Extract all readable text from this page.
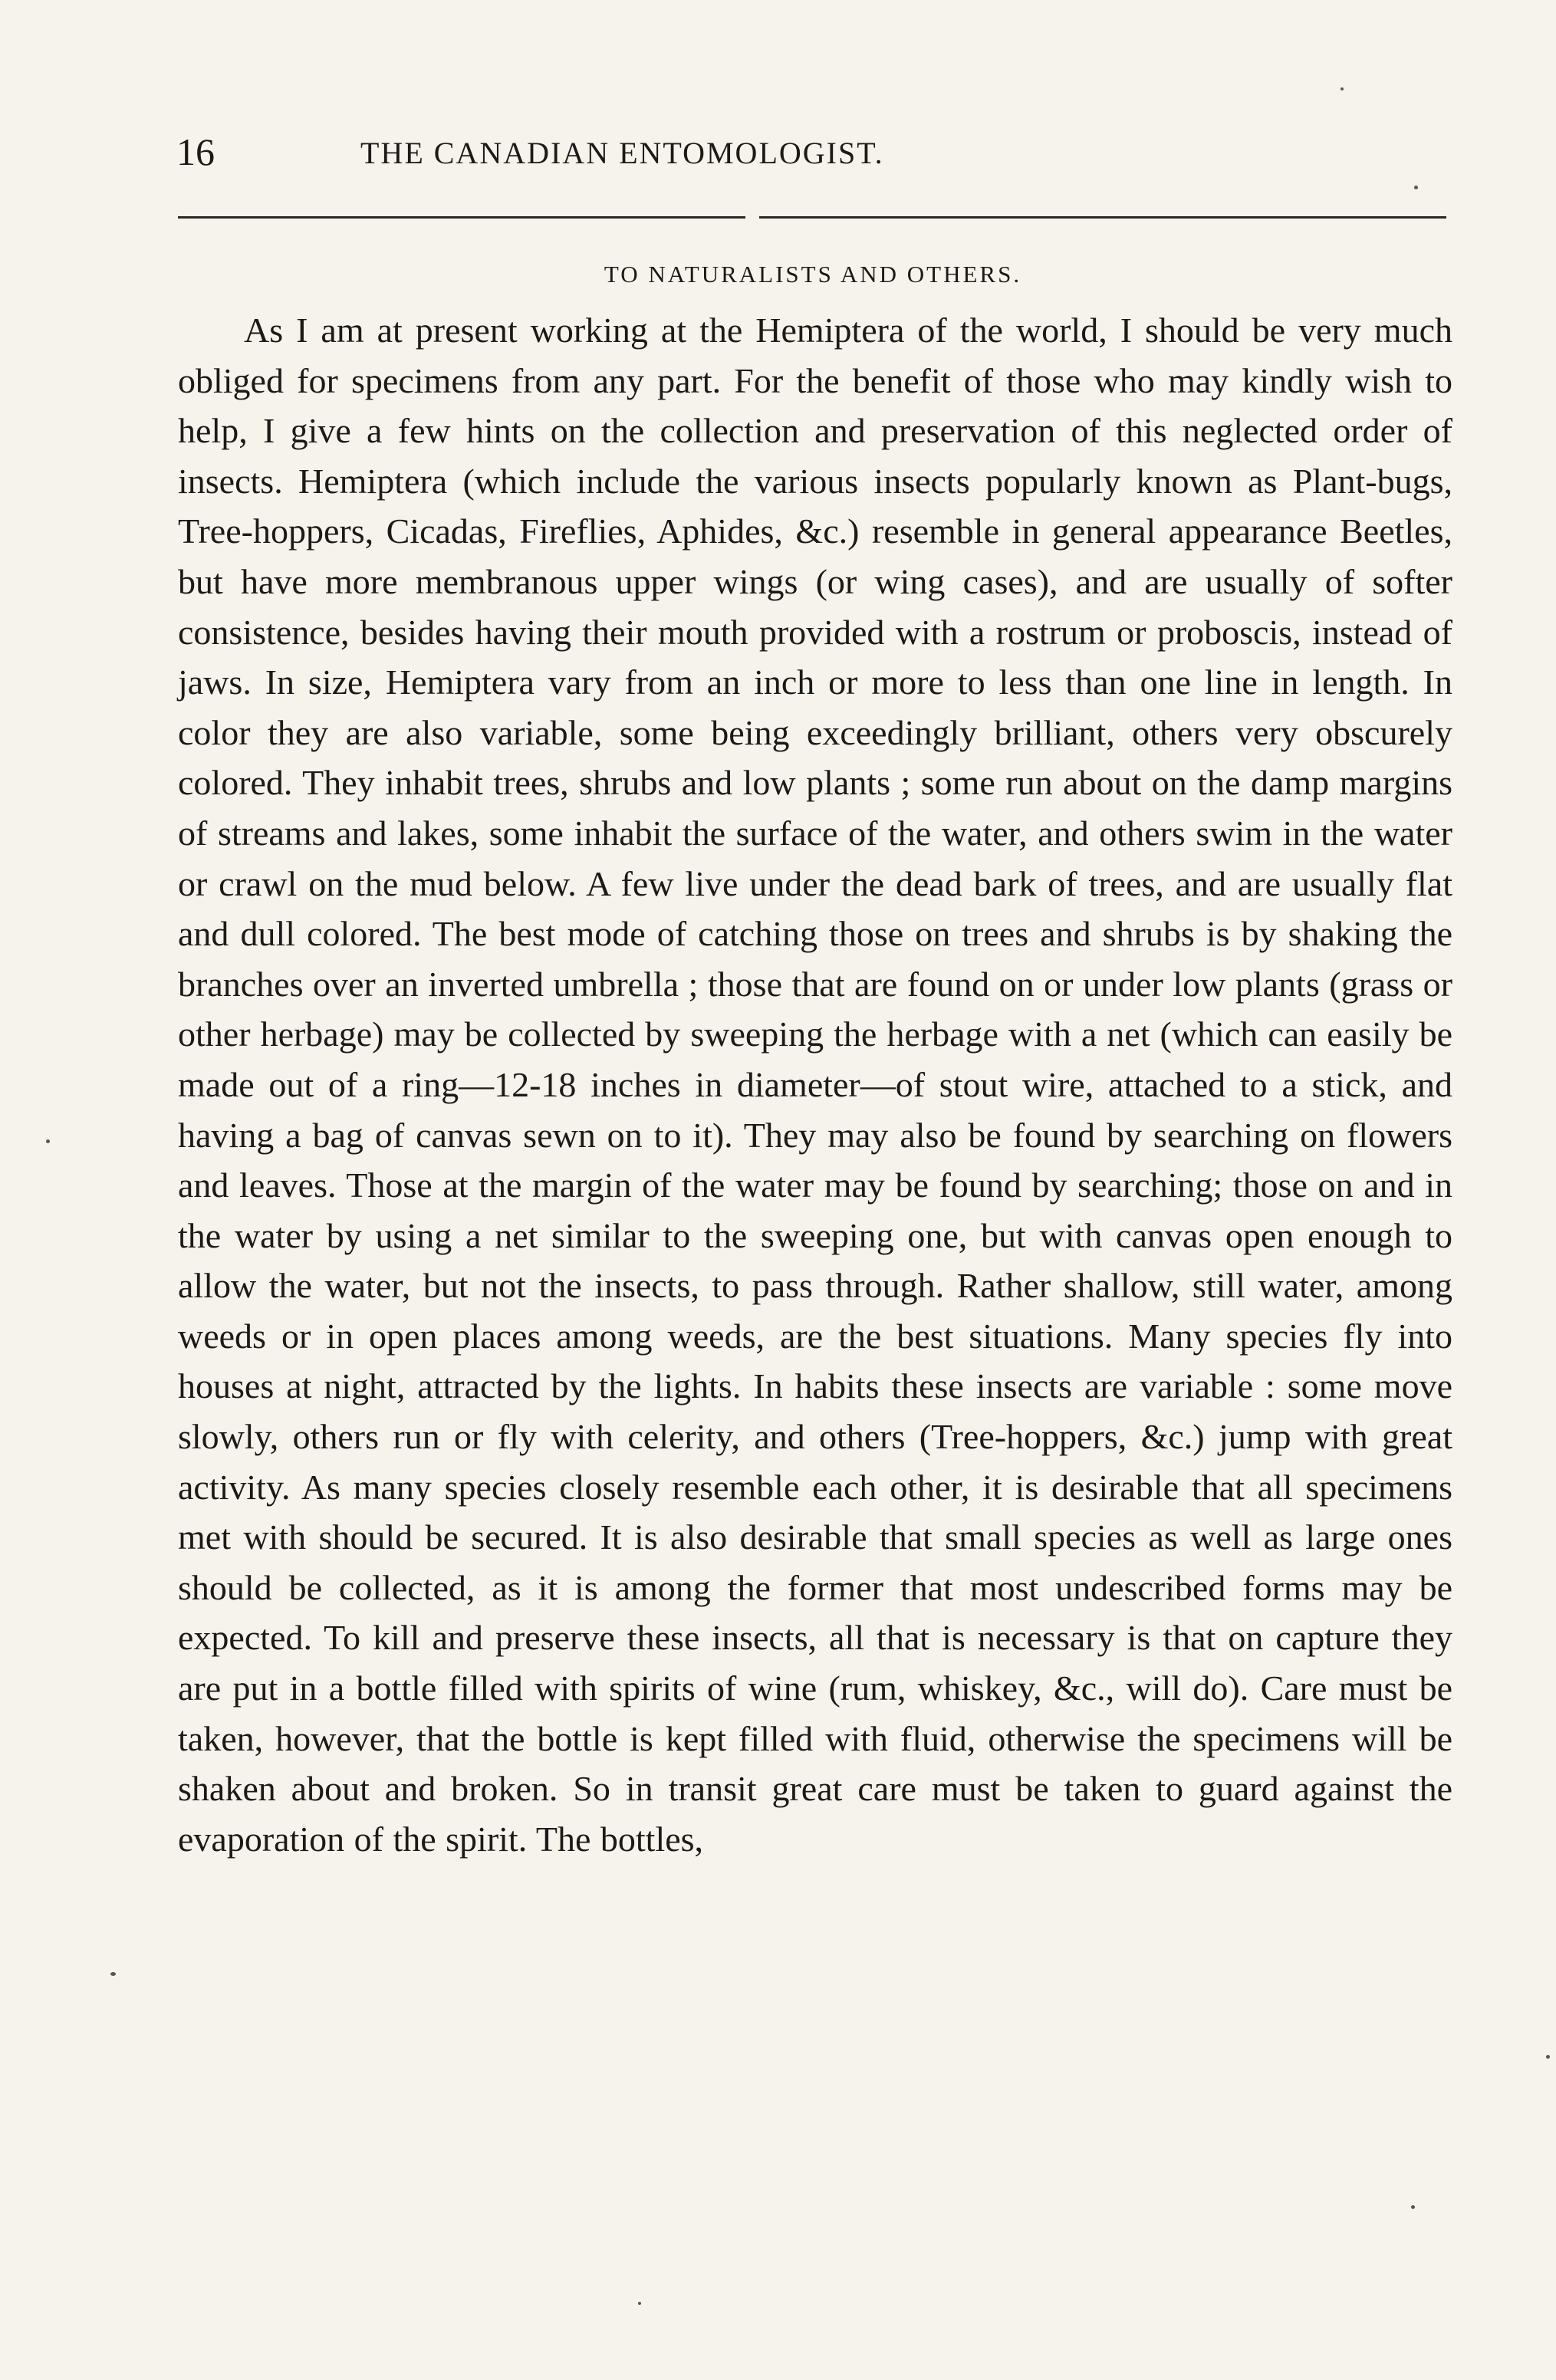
16	THE CANADIAN ENTOMOLOGIST.
TO NATURALISTS AND OTHERS.

As I am at present working at the Hemiptera of the world, I should be very much obliged for specimens from any part. For the benefit of those who may kindly wish to help, I give a few hints on the collection and preservation of this neglected order of insects. Hemiptera (which include the various insects popularly known as Plant-bugs, Tree-hoppers, Cicadas, Fireflies, Aphides, &c.) resemble in general appearance Beetles, but have more membranous upper wings (or wing cases), and are usually of softer consistence, besides having their mouth provided with a rostrum or proboscis, instead of jaws. In size, Hemiptera vary from an inch or more to less than one line in length. In color they are also variable, some being exceedingly brilliant, others very obscurely colored. They inhabit trees, shrubs and low plants ; some run about on the damp margins of streams and lakes, some inhabit the surface of the water, and others swim in the water or crawl on the mud below. A few live under the dead bark of trees, and are usually flat and dull colored. The best mode of catching those on trees and shrubs is by shaking the branches over an inverted umbrella ; those that are found on or under low plants (grass or other herbage) may be collected by sweeping the herbage with a net (which can easily be made out of a ring—12-18 inches in diameter—of stout wire, attached to a stick, and having a bag of canvas sewn on to it). They may also be found by searching on flowers and leaves. Those at the margin of the water may be found by searching; those on and in the water by using a net similar to the sweeping one, but with canvas open enough to allow the water, but not the insects, to pass through. Rather shallow, still water, among weeds or in open places among weeds, are the best situations. Many species fly into houses at night, attracted by the lights. In habits these insects are variable : some move slowly, others run or fly with celerity, and others (Tree-hoppers, &c.) jump with great activity. As many species closely resemble each other, it is desirable that all specimens met with should be secured. It is also desirable that small species as well as large ones should be collected, as it is among the former that most undescribed forms may be expected. To kill and preserve these insects, all that is necessary is that on capture they are put in a bottle filled with spirits of wine (rum, whiskey, &c., will do). Care must be taken, however, that the bottle is kept filled with fluid, otherwise the specimens will be shaken about and broken. So in transit great care must be taken to guard against the evaporation of the spirit. The bottles,
